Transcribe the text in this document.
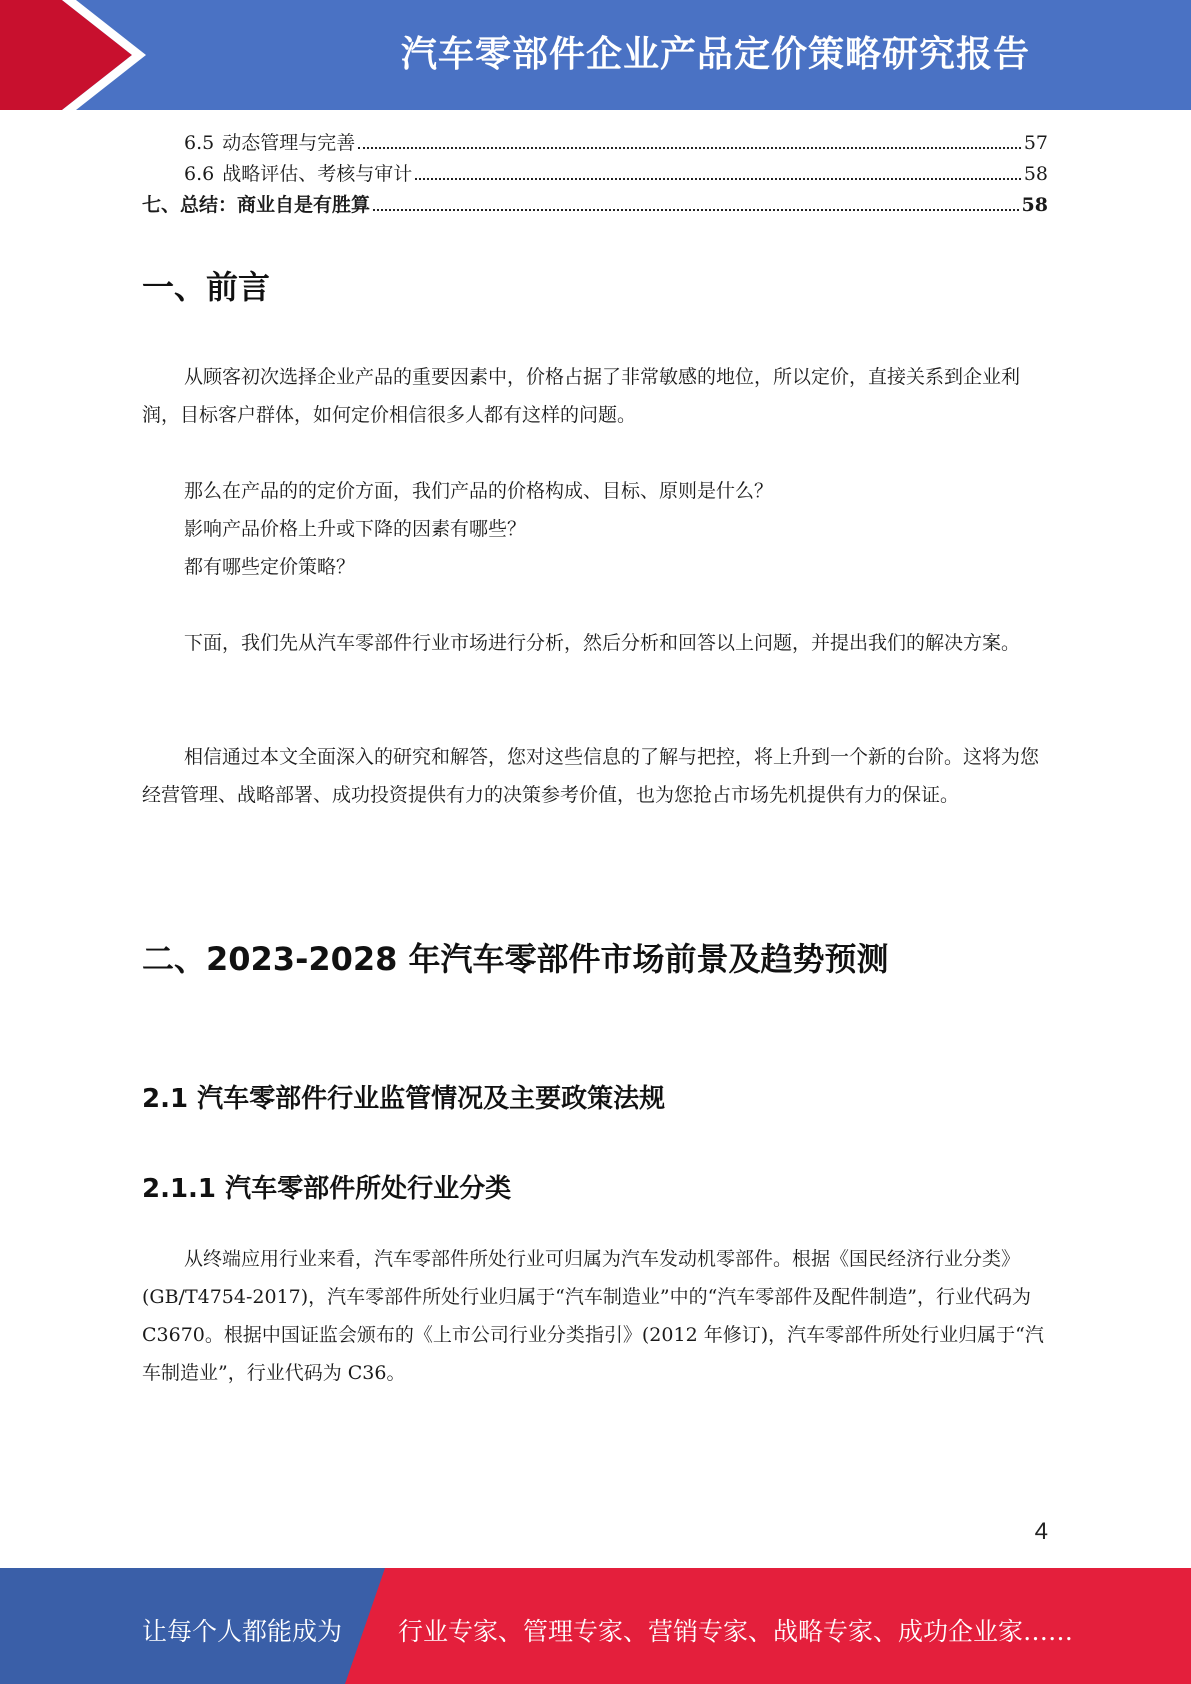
汽车零部件企业产品定价策略研究报告
6.5 动态管理与完善	57
6.6 战略评估、考核与审计	58
七、总结：商业自是有胜算	58
一、前言

从顾客初次选择企业产品的重要因素中，价格占据了非常敏感的地位，所以定价，直接关系到企业利润，目标客户群体，如何定价相信很多人都有这样的问题。

那么在产品的的定价方面，我们产品的价格构成、目标、原则是什么？

影响产品价格上升或下降的因素有哪些？

都有哪些定价策略？

下面，我们先从汽车零部件行业市场进行分析，然后分析和回答以上问题，并提出我们的解决方案。

相信通过本文全面深入的研究和解答，您对这些信息的了解与把控，将上升到一个新的台阶。这将为您经营管理、战略部署、成功投资提供有力的决策参考价值，也为您抢占市场先机提供有力的保证。

二、2023-2028 年汽车零部件市场前景及趋势预测
2.1 汽车零部件行业监管情况及主要政策法规
2.1.1 汽车零部件所处行业分类

从终端应用行业来看，汽车零部件所处行业可归属为汽车发动机零部件。根据《国民经济行业分类》(GB/T4754-2017)，汽车零部件所处行业归属于“汽车制造业”中的“汽车零部件及配件制造”，行业代码为 C3670。根据中国证监会颁布的《上市公司行业分类指引》(2012 年修订)，汽车零部件所处行业归属于“汽车制造业”，行业代码为 C36。

4
让每个人都能成为 行业专家、管理专家、营销专家、战略专家、成功企业家……
